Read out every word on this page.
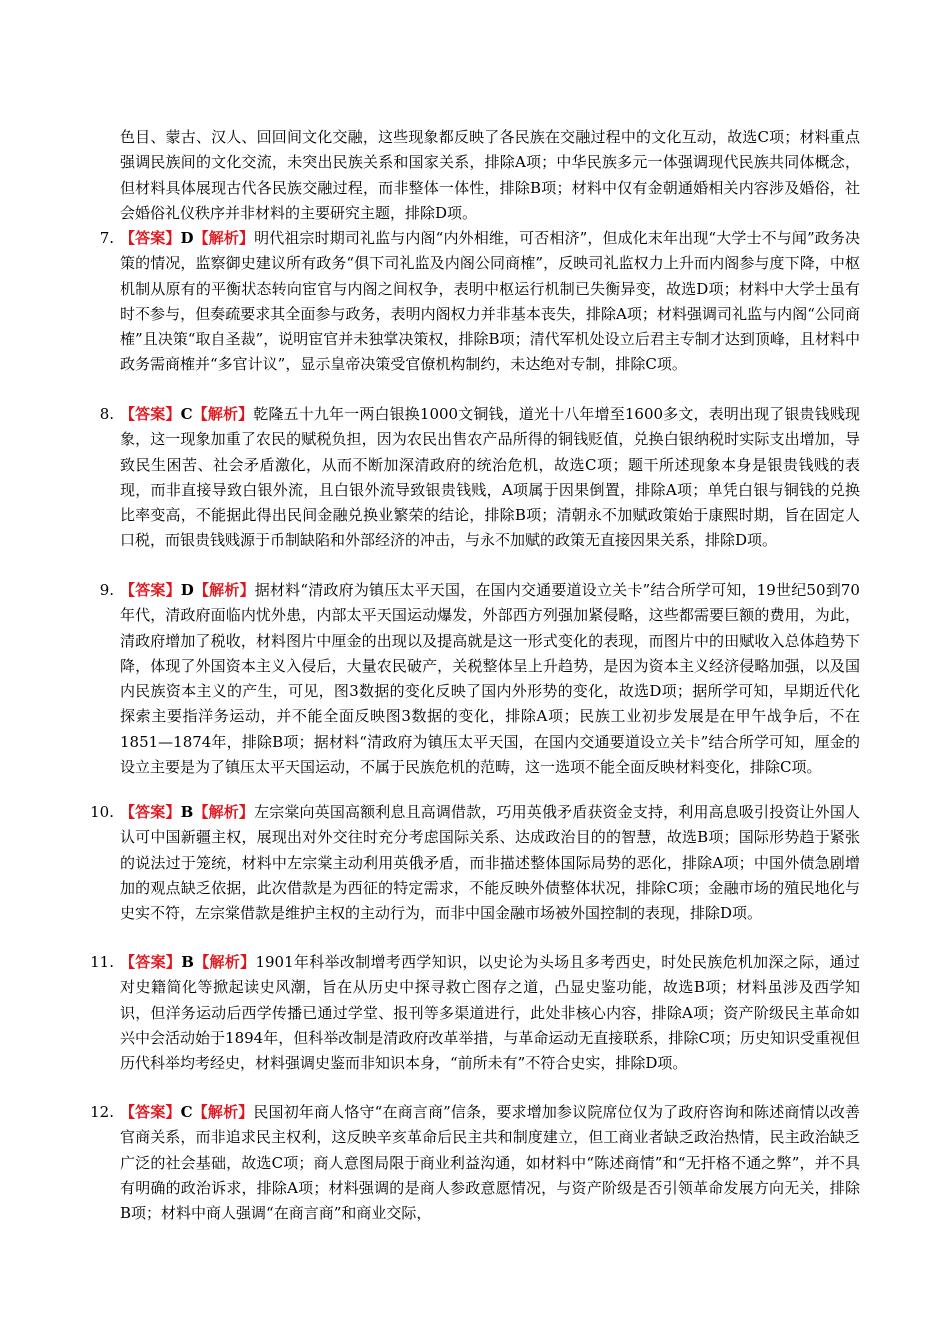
色目、蒙古、汉人、回回间文化交融，这些现象都反映了各民族在交融过程中的文化互动，故选C项；材料重点强调民族间的文化交流，未突出民族关系和国家关系，排除A项；中华民族多元一体强调现代民族共同体概念，但材料具体展现古代各民族交融过程，而非整体一体性，排除B项；材料中仅有金朝通婚相关内容涉及婚俗，社会婚俗礼仪秩序并非材料的主要研究主题，排除D项。
7. 【答案】D【解析】明代祖宗时期司礼监与内阁“内外相维，可否相济”，但成化末年出现“大学士不与闻”政务决策的情况，监察御史建议所有政务“俱下司礼监及内阁公同商榷”，反映司礼监权力上升而内阁参与度下降，中枢机制从原有的平衡状态转向宦官与内阁之间权争，表明中枢运行机制已失衡异变，故选D项；材料中大学士虽有时不参与，但奏疏要求其全面参与政务，表明内阁权力并非基本丧失，排除A项；材料强调司礼监与内阁“公同商榷”且决策“取自圣裁”，说明宦官并未独掌决策权，排除B项；清代军机处设立后君主专制才达到顶峰，且材料中政务需商榷并“多官计议”，显示皇帝决策受官僚机构制约，未达绝对专制，排除C项。
8. 【答案】C【解析】乾隆五十九年一两白银换1000文铜钱，道光十八年增至1600多文，表明出现了银贵钱贱现象，这一现象加重了农民的赋税负担，因为农民出售农产品所得的铜钱贬值，兑换白银纳税时实际支出增加，导致民生困苦、社会矛盾激化，从而不断加深清政府的统治危机，故选C项；题干所述现象本身是银贵钱贱的表现，而非直接导致白银外流，且白银外流导致银贵钱贱，A项属于因果倒置，排除A项；单凭白银与铜钱的兑换比率变高，不能据此得出民间金融兑换业繁荣的结论，排除B项；清朝永不加赋政策始于康熙时期，旨在固定人口税，而银贵钱贱源于币制缺陷和外部经济的冲击，与永不加赋的政策无直接因果关系，排除D项。
9. 【答案】D【解析】据材料“清政府为镇压太平天国，在国内交通要道设立关卡”结合所学可知，19世纪50到70年代，清政府面临内忧外患，内部太平天国运动爆发，外部西方列强加紧侵略，这些都需要巨额的费用，为此，清政府增加了税收，材料图片中厘金的出现以及提高就是这一形式变化的表现，而图片中的田赋收入总体趋势下降，体现了外国资本主义入侵后，大量农民破产，关税整体呈上升趋势，是因为资本主义经济侵略加强，以及国内民族资本主义的产生，可见，图3数据的变化反映了国内外形势的变化，故选D项；据所学可知，早期近代化探索主要指洋务运动，并不能全面反映图3数据的变化，排除A项；民族工业初步发展是在甲午战争后，不在1851—1874年，排除B项；据材料“清政府为镇压太平天国，在国内交通要道设立关卡”结合所学可知，厘金的设立主要是为了镇压太平天国运动，不属于民族危机的范畴，这一选项不能全面反映材料变化，排除C项。
10. 【答案】B【解析】左宗棠向英国高额利息且高调借款，巧用英俄矛盾获资金支持，利用高息吸引投资让外国人认可中国新疆主权，展现出对外交往时充分考虑国际关系、达成政治目的的智慧，故选B项；国际形势趋于紧张的说法过于笼统，材料中左宗棠主动利用英俄矛盾，而非描述整体国际局势的恶化，排除A项；中国外债急剧增加的观点缺乏依据，此次借款是为西征的特定需求，不能反映外债整体状况，排除C项；金融市场的殖民地化与史实不符，左宗棠借款是维护主权的主动行为，而非中国金融市场被外国控制的表现，排除D项。
11. 【答案】B【解析】1901年科举改制增考西学知识，以史论为头场且多考西史，时处民族危机加深之际，通过对史籍简化等掀起读史风潮，旨在从历史中探寻救亡图存之道，凸显史鉴功能，故选B项；材料虽涉及西学知识，但洋务运动后西学传播已通过学堂、报刊等多渠道进行，此处非核心内容，排除A项；资产阶级民主革命如兴中会活动始于1894年，但科举改制是清政府改革举措，与革命运动无直接联系，排除C项；历史知识受重视但历代科举均考经史，材料强调史鉴而非知识本身，“前所未有”不符合史实，排除D项。
12. 【答案】C【解析】民国初年商人恪守“在商言商”信条，要求增加参议院席位仅为了政府咨询和陈述商情以改善官商关系，而非追求民主权利，这反映辛亥革命后民主共和制度建立，但工商业者缺乏政治热情，民主政治缺乏广泛的社会基础，故选C项；商人意图局限于商业利益沟通，如材料中“陈述商情”和“无扞格不通之弊”，并不具有明确的政治诉求，排除A项；材料强调的是商人参政意愿情况，与资产阶级是否引领革命发展方向无关，排除B项；材料中商人强调“在商言商”和商业交际，
